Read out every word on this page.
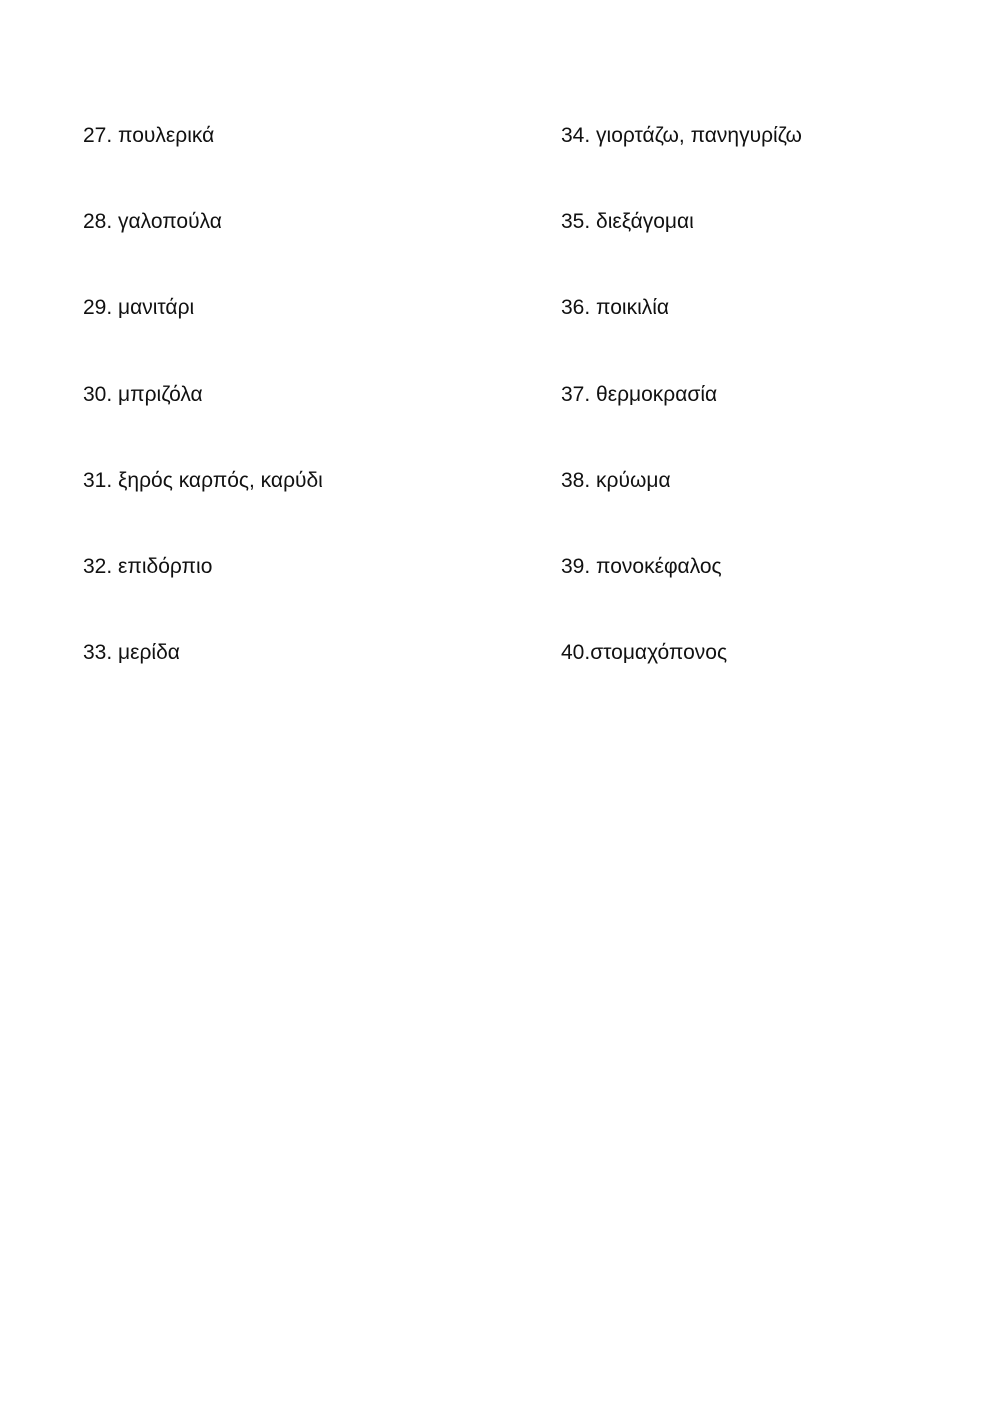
27. πουλερικά
28. γαλοπούλα
29. μανιτάρι
30. μπριζόλα
31. ξηρός καρπός, καρύδι
32. επιδόρπιο
33. μερίδα
34. γιορτάζω, πανηγυρίζω
35. διεξάγομαι
36. ποικιλία
37. θερμοκρασία
38. κρύωμα
39. πονοκέφαλος
40.στομαχόπονος
